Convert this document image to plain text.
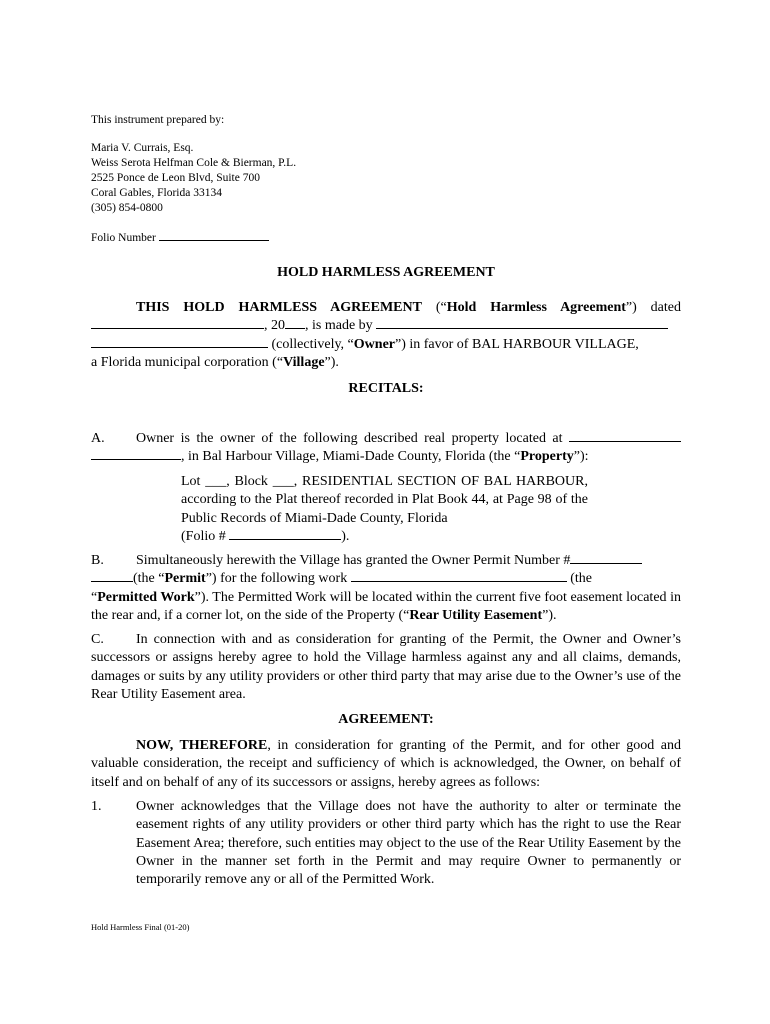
This instrument prepared by:
Maria V. Currais, Esq.
Weiss Serota Helfman Cole & Bierman, P.L.
2525 Ponce de Leon Blvd, Suite 700
Coral Gables, Florida 33134
(305) 854-0800
Folio Number
HOLD HARMLESS AGREEMENT
THIS HOLD HARMLESS AGREEMENT (“Hold Harmless Agreement”) dated
, 20 , is made by
(collectively, “Owner”) in favor of BAL HARBOUR VILLAGE,
a Florida municipal corporation (“Village”).
RECITALS:
A.	Owner is the owner of the following described real property located at
, in Bal Harbour Village, Miami-Dade County, Florida (the “Property”):
Lot ___, Block ___, RESIDENTIAL SECTION OF BAL HARBOUR, according to the Plat thereof recorded in Plat Book 44, at Page 98 of the Public Records of Miami-Dade County, Florida
(Folio #	).
B.	Simultaneously herewith the Village has granted the Owner Permit Number #
(the “Permit”) for the following work	(the
“Permitted Work”). The Permitted Work will be located within the current five foot easement located in the rear and, if a corner lot, on the side of the Property (“Rear Utility Easement”).
C.	In connection with and as consideration for granting of the Permit, the Owner and Owner’s successors or assigns hereby agree to hold the Village harmless against any and all claims, demands, damages or suits by any utility providers or other third party that may arise due to the Owner’s use of the Rear Utility Easement area.
AGREEMENT:
NOW, THEREFORE, in consideration for granting of the Permit, and for other good and valuable consideration, the receipt and sufficiency of which is acknowledged, the Owner, on behalf of itself and on behalf of any of its successors or assigns, hereby agrees as follows:
1.	Owner acknowledges that the Village does not have the authority to alter or terminate the easement rights of any utility providers or other third party which has the right to use the Rear Easement Area; therefore, such entities may object to the use of the Rear Utility Easement by the Owner in the manner set forth in the Permit and may require Owner to permanently or temporarily remove any or all of the Permitted Work.
Hold Harmless Final (01-20)
